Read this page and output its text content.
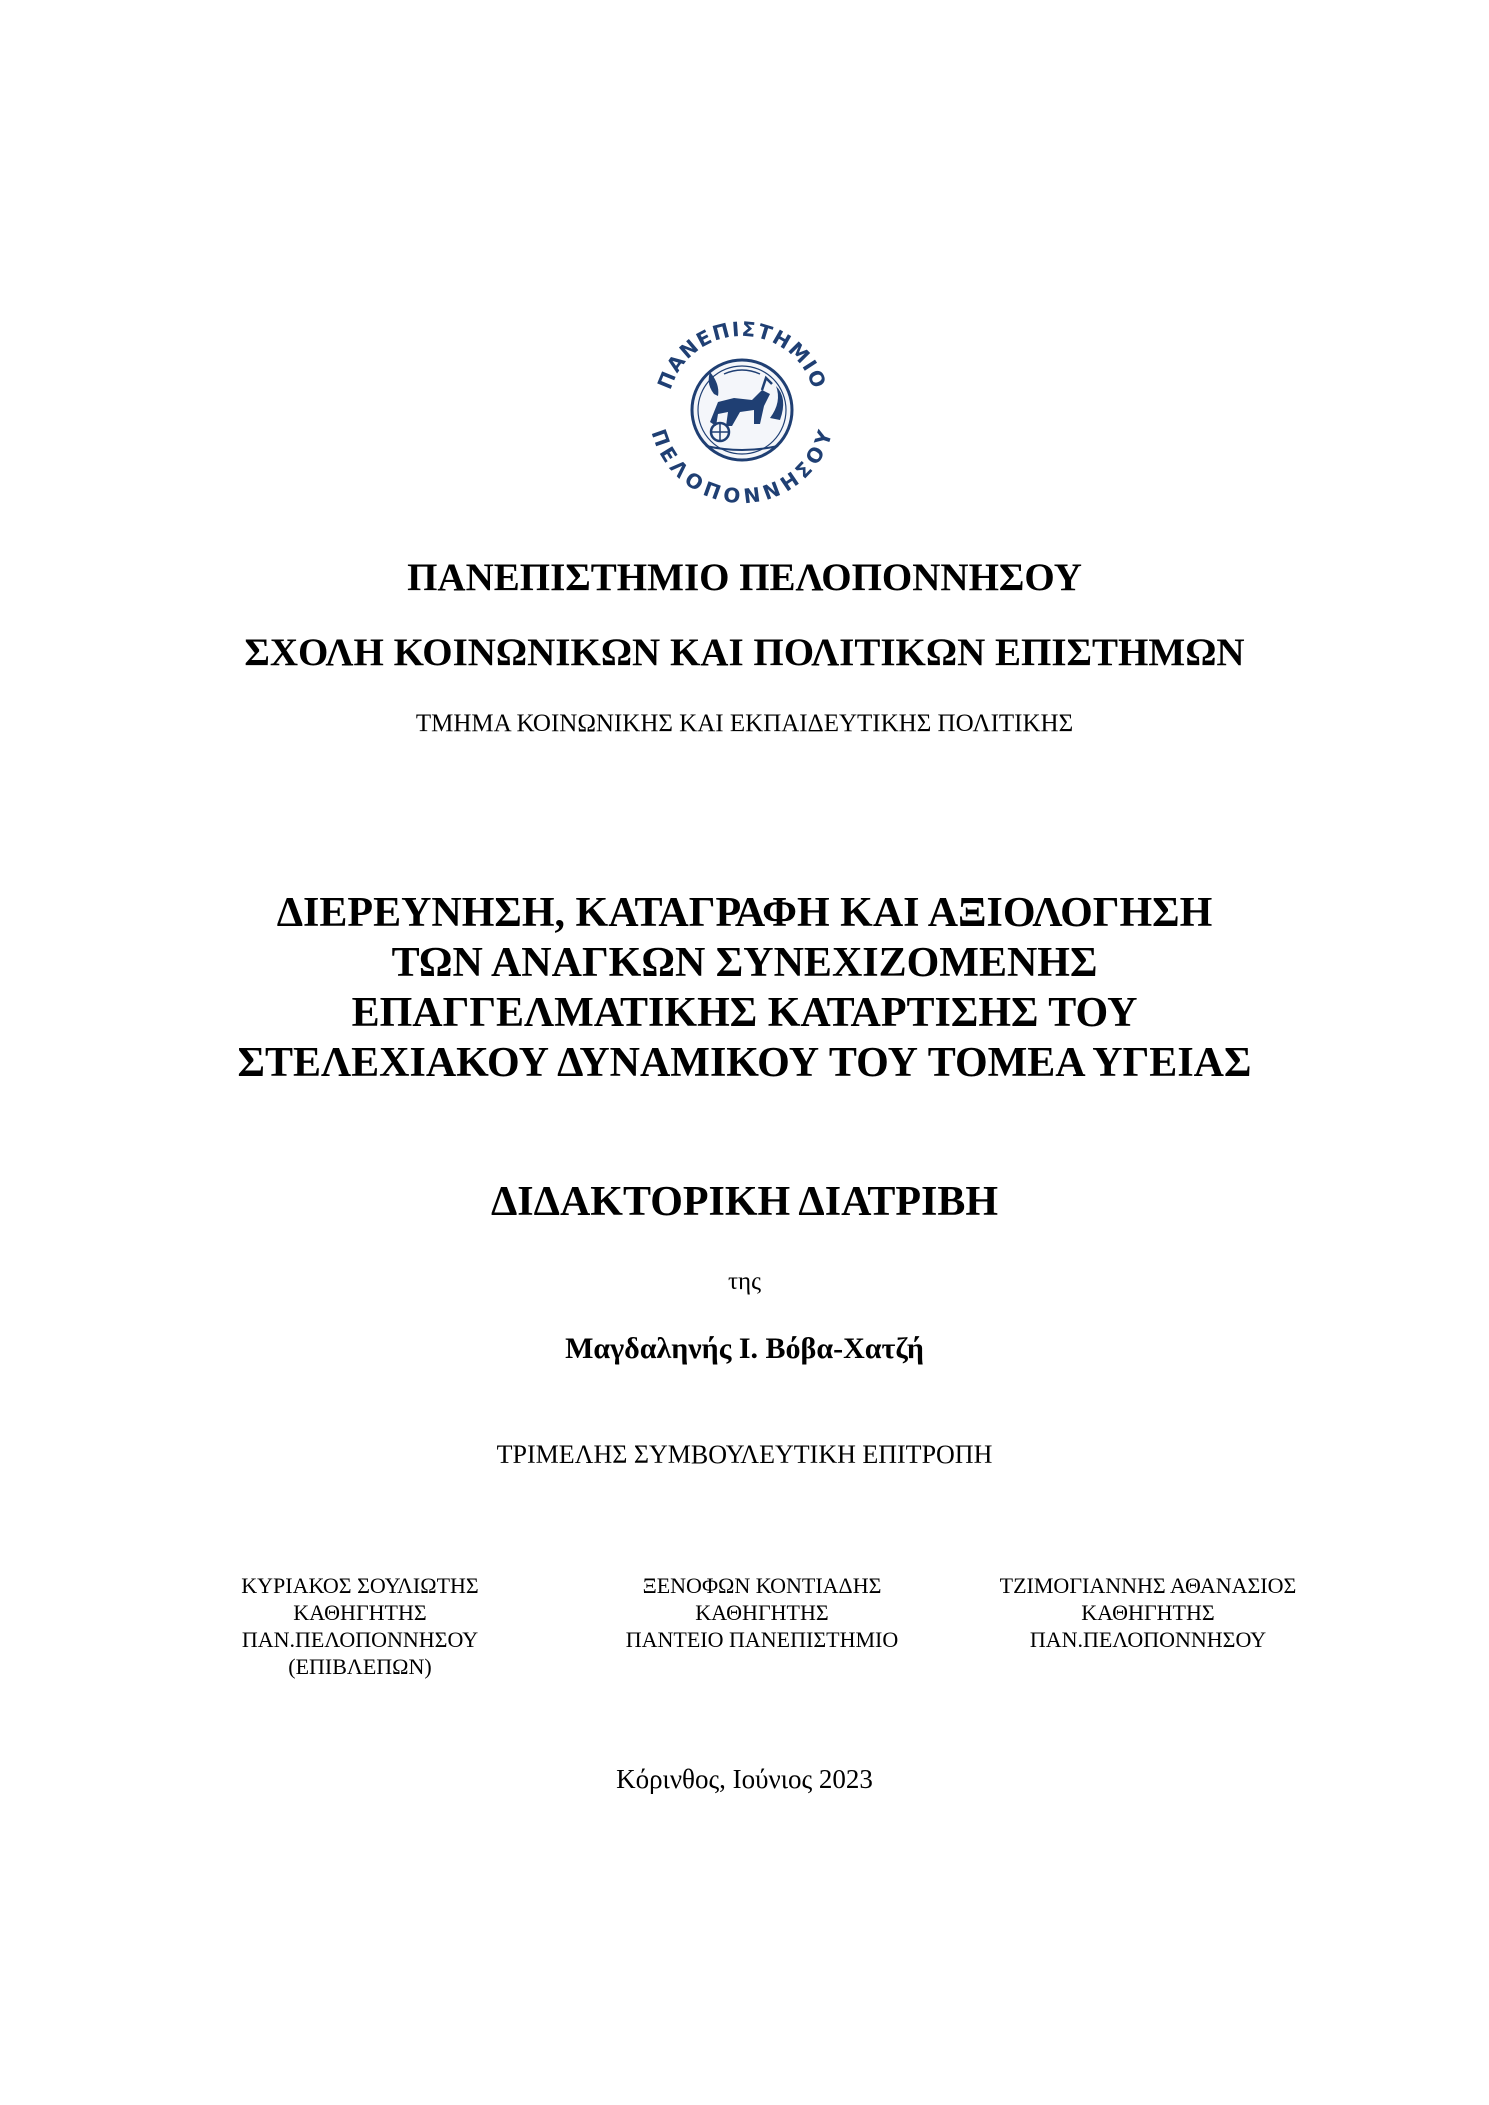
ΠΑΝΕΠΙΣΤΗΜΙΟ
ΠΕΛΟΠΟΝΝΗΣΟΥ
ΠΑΝΕΠΙΣΤΗΜΙΟ ΠΕΛΟΠΟΝΝΗΣΟΥ
ΣΧΟΛΗ ΚΟΙΝΩΝΙΚΩΝ ΚΑΙ ΠΟΛΙΤΙΚΩΝ ΕΠΙΣΤΗΜΩΝ
ΤΜΗΜΑ ΚΟΙΝΩΝΙΚΗΣ ΚΑΙ ΕΚΠΑΙΔΕΥΤΙΚΗΣ ΠΟΛΙΤΙΚΗΣ
ΔΙΕΡΕΥΝΗΣΗ, ΚΑΤΑΓΡΑΦΗ ΚΑΙ ΑΞΙΟΛΟΓΗΣΗ
ΤΩΝ ΑΝΑΓΚΩΝ ΣΥΝΕΧΙΖΟΜΕΝΗΣ
ΕΠΑΓΓΕΛΜΑΤΙΚΗΣ ΚΑΤΑΡΤΙΣΗΣ ΤΟΥ
ΣΤΕΛΕΧΙΑΚΟΥ ΔΥΝΑΜΙΚΟΥ ΤΟΥ ΤΟΜΕΑ ΥΓΕΙΑΣ
ΔΙΔΑΚΤΟΡΙΚΗ ΔΙΑΤΡΙΒΗ
της
Μαγδαληνής Ι. Βόβα-Χατζή
ΤΡΙΜΕΛΗΣ ΣΥΜΒΟΥΛΕΥΤΙΚΗ ΕΠΙΤΡΟΠΗ
ΚΥΡΙΑΚΟΣ ΣΟΥΛΙΩΤΗΣ
ΚΑΘΗΓΗΤΗΣ
ΠΑΝ.ΠΕΛΟΠΟΝΝΗΣΟΥ
(ΕΠΙΒΛΕΠΩΝ)
ΞΕΝΟΦΩΝ ΚΟΝΤΙΑΔΗΣ
ΚΑΘΗΓΗΤΗΣ
ΠΑΝΤΕΙΟ ΠΑΝΕΠΙΣΤΗΜΙΟ
ΤΖΙΜΟΓΙΑΝΝΗΣ ΑΘΑΝΑΣΙΟΣ
ΚΑΘΗΓΗΤΗΣ
ΠΑΝ.ΠΕΛΟΠΟΝΝΗΣΟΥ
Κόρινθος, Ιούνιος 2023
